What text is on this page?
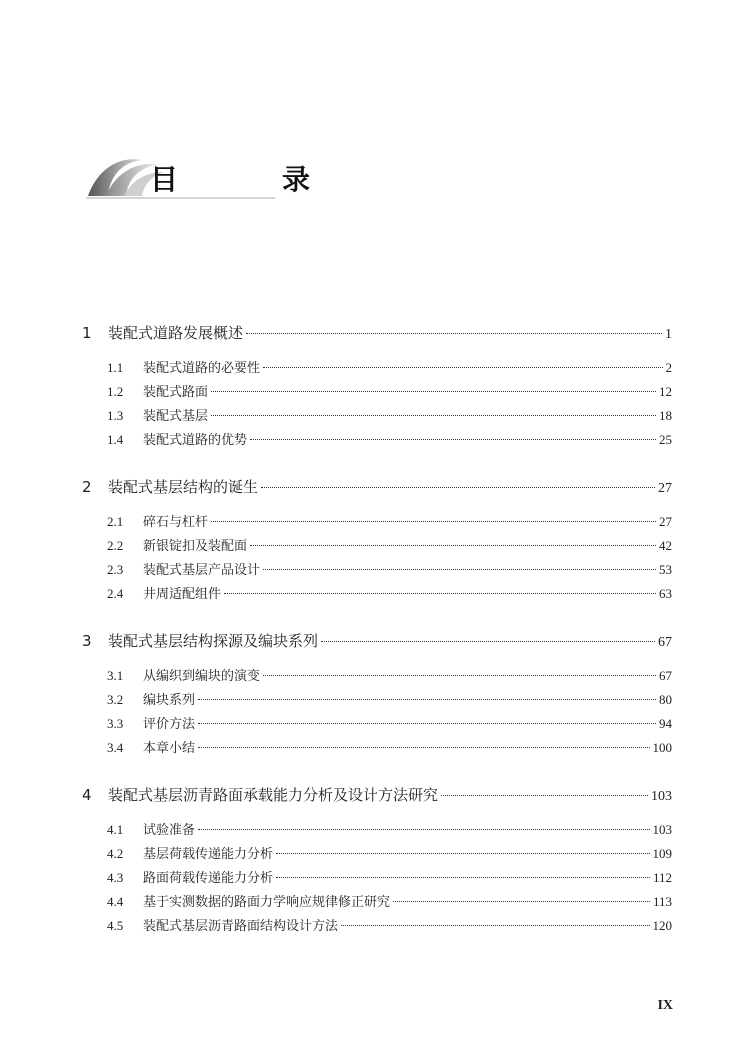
目　录
1	装配式道路发展概述	1
1.1	装配式道路的必要性	2
1.2	装配式路面	12
1.3	装配式基层	18
1.4	装配式道路的优势	25
2	装配式基层结构的诞生	27
2.1	碎石与杠杆	27
2.2	新银锭扣及装配面	42
2.3	装配式基层产品设计	53
2.4	井周适配组件	63
3	装配式基层结构探源及编块系列	67
3.1	从编织到编块的演变	67
3.2	编块系列	80
3.3	评价方法	94
3.4	本章小结	100
4	装配式基层沥青路面承载能力分析及设计方法研究	103
4.1	试验准备	103
4.2	基层荷载传递能力分析	109
4.3	路面荷载传递能力分析	112
4.4	基于实测数据的路面力学响应规律修正研究	113
4.5	装配式基层沥青路面结构设计方法	120
IX
